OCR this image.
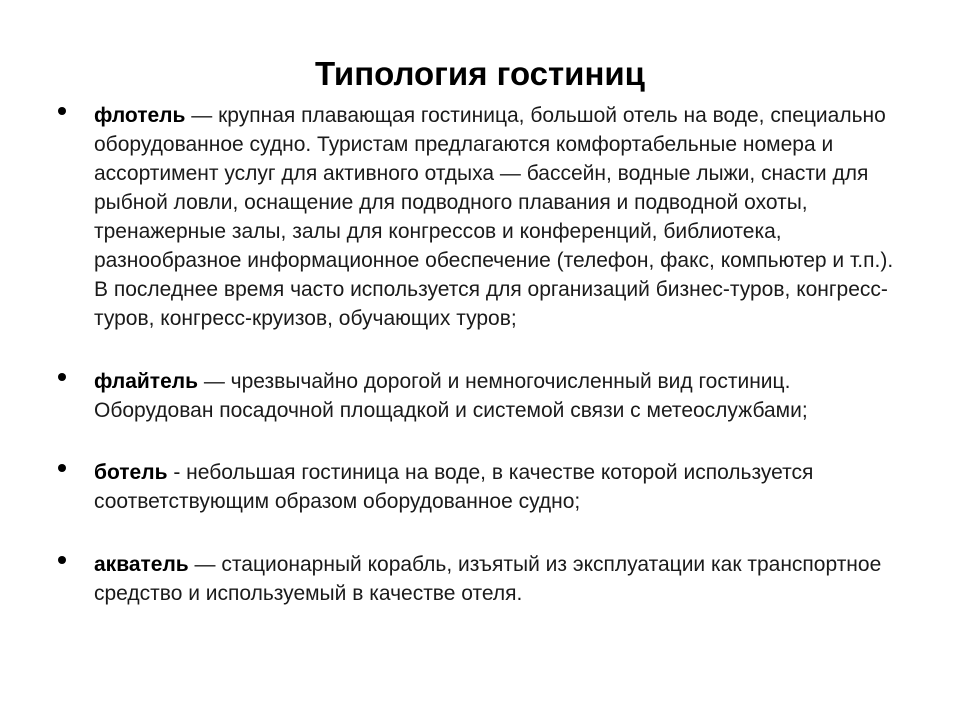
Типология гостиниц
флотель — крупная плавающая гостиница, большой отель на воде, специально оборудованное судно. Туристам предлагаются комфортабельные номера и ассортимент услуг для активного отдыха — бассейн, водные лыжи, снасти для рыбной ловли, оснащение для подводного плавания и подводной охоты, тренажерные залы, залы для конгрессов и конференций, библиотека, разнообразное информационное обеспечение (телефон, факс, компьютер и т.п.). В последнее время часто используется для организаций бизнес-туров, конгресс-туров, конгресс-круизов, обучающих туров;
флайтель — чрезвычайно дорогой и немногочисленный вид гостиниц. Оборудован посадочной площадкой и системой связи с метеослужбами;
ботель - небольшая гостиница на воде, в качестве которой используется соответствующим образом оборудованное судно;
акватель — стационарный корабль, изъятый из эксплуатации как транспортное средство и используемый в качестве отеля.
